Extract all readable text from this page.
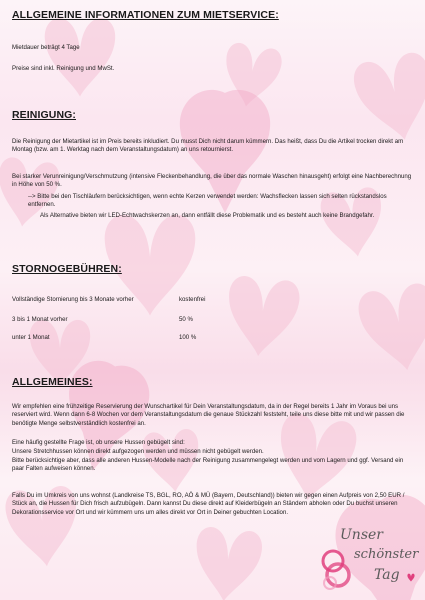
ALLGEMEINE INFORMATIONEN ZUM MIETSERVICE:

Mietdauer beträgt 4 Tage

Preise sind inkl. Reinigung und MwSt.

REINIGUNG:

Die Reinigung der Mietartikel ist im Preis bereits inkludiert. Du musst Dich nicht darum kümmern. Das heißt, dass Du die Artikel trocken direkt am Montag (bzw. am 1. Werktag nach dem Veranstaltungsdatum) an uns retournierst.

Bei starker Verunreinigung/Verschmutzung (intensive Fleckenbehandlung, die über das normale Waschen hinausgeht) erfolgt eine Nachberechnung in Höhe von 50 %.

--> Bitte bei den Tischläufern berücksichtigen, wenn echte Kerzen verwendet werden: Wachsflecken lassen sich selten rückstandslos entfernen.

Als Alternative bieten wir LED-Echtwachskerzen an, dann entfällt diese Problematik und es besteht auch keine Brandgefahr.

STORNOGEBÜHREN:
Vollständige Stornierung bis 3 Monate vorher	kostenfrei
3 bis 1 Monat vorher	50 %
unter 1 Monat	100 %
ALLGEMEINES:

Wir empfehlen eine frühzeitige Reservierung der Wunschartikel für Dein Veranstaltungsdatum, da in der Regel bereits 1 Jahr im Voraus bei uns reserviert wird. Wenn dann 6-8 Wochen vor dem Veranstaltungsdatum die genaue Stückzahl feststeht, teile uns diese bitte mit und wir passen die benötigte Menge selbstverständlich kostenfrei an.

Eine häufig gestellte Frage ist, ob unsere Hussen gebügelt sind:

Unsere Stretchhussen können direkt aufgezogen werden und müssen nicht gebügelt werden.

Bitte berücksichtige aber, dass alle anderen Hussen-Modelle nach der Reinigung zusammengelegt werden und vom Lagern und ggf. Versand ein paar Falten aufweisen können.

Falls Du im Umkreis von uns wohnst (Landkreise TS, BGL, RO, AÖ & MÜ (Bayern, Deutschland)) bieten wir gegen einen Aufpreis von 2,50 EUR / Stück an, die Hussen für Dich frisch aufzubügeln. Dann kannst Du diese direkt auf Kleiderbügeln an Ständern abholen oder Du buchst unseren Dekorationsservice vor Ort und wir kümmern uns um alles direkt vor Ort in Deiner gebuchten Location.

Unser
schönster
Tag
